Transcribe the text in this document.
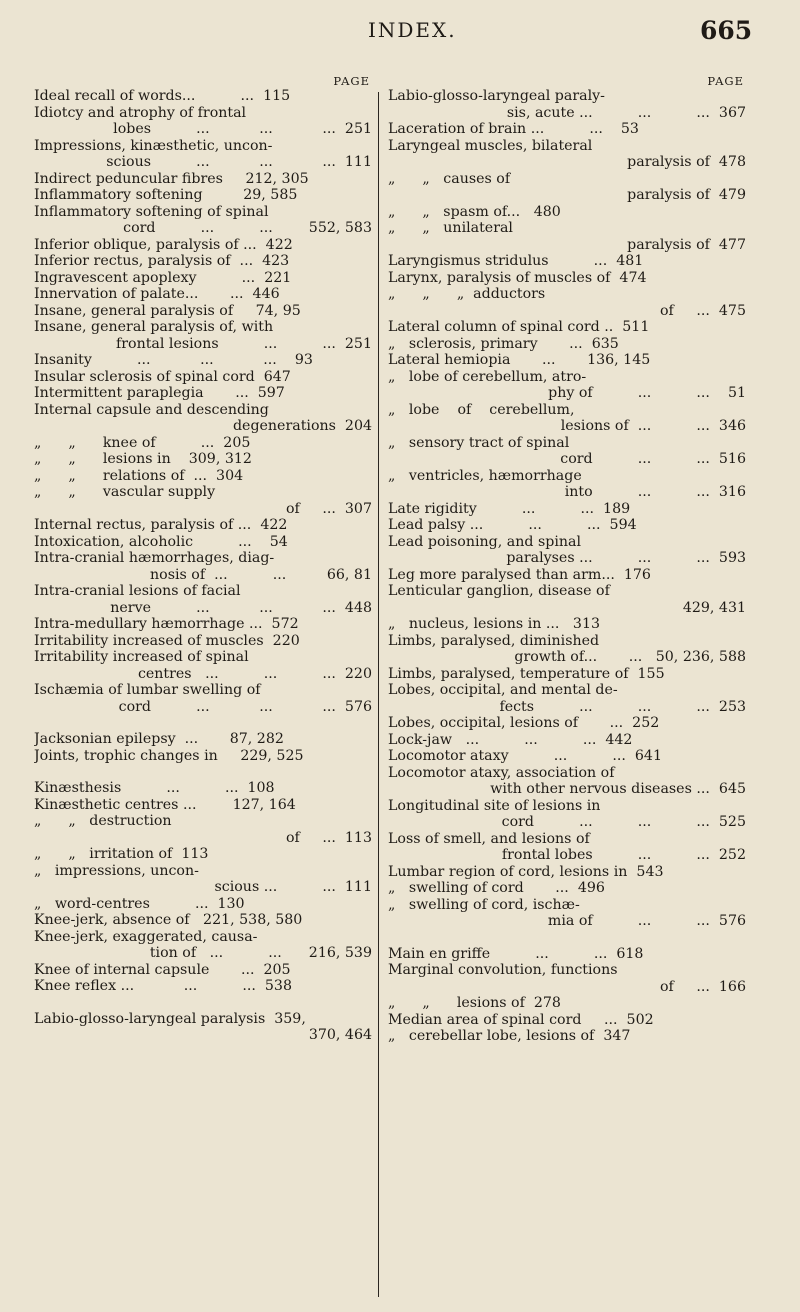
INDEX.	665
PAGE
Ideal recall of words...          ...  115
Idiotcy and atrophy of frontal
lobes          ...           ...           ...  251
Impressions, kinæsthetic, uncon-
scious          ...           ...           ...  111
Indirect peduncular fibres     212, 305
Inflammatory softening         29, 585
Inflammatory softening of spinal
cord          ...          ...        552, 583
Inferior oblique, paralysis of ...  422
Inferior rectus, paralysis of  ...  423
Ingravescent apoplexy          ...  221
Innervation of palate...       ...  446
Insane, general paralysis of     74, 95
Insane, general paralysis of, with
frontal lesions          ...          ...  251
Insanity          ...           ...           ...    93
Insular sclerosis of spinal cord  647
Intermittent paraplegia       ...  597
Internal capsule and descending
degenerations  204
„      „      knee of          ...  205
„      „      lesions in    309, 312
„      „      relations of  ...  304
„      „      vascular supply
of     ...  307
Internal rectus, paralysis of ...  422
Intoxication, alcoholic          ...    54
Intra-cranial hæmorrhages, diag-
nosis of  ...          ...         66, 81
Intra-cranial lesions of facial
nerve          ...           ...           ...  448
Intra-medullary hæmorrhage ...  572
Irritability increased of muscles  220
Irritability increased of spinal
centres   ...          ...          ...  220
Ischæmia of lumbar swelling of
cord          ...           ...           ...  576
Jacksonian epilepsy  ...       87, 282
Joints, trophic changes in     229, 525
Kinæsthesis          ...          ...  108
Kinæsthetic centres ...        127, 164
„      „   destruction
of     ...  113
„      „   irritation of  113
„   impressions, uncon-
scious ...          ...  111
„   word-centres          ...  130
Knee-jerk, absence of   221, 538, 580
Knee-jerk, exaggerated, causa-
tion of   ...          ...      216, 539
Knee of internal capsule       ...  205
Knee reflex ...           ...          ...  538
Labio-glosso-laryngeal paralysis  359,
370, 464
PAGE
Labio-glosso-laryngeal paraly-
sis, acute ...          ...          ...  367
Laceration of brain ...          ...    53
Laryngeal muscles, bilateral
paralysis of  478
„      „   causes of
paralysis of  479
„      „   spasm of...   480
„      „   unilateral
paralysis of  477
Laryngismus stridulus          ...  481
Larynx, paralysis of muscles of  474
„      „      „  adductors
of     ...  475
Lateral column of spinal cord ..  511
„   sclerosis, primary       ...  635
Lateral hemiopia       ...       136, 145
„   lobe of cerebellum, atro-
phy of          ...          ...    51
„   lobe    of    cerebellum,
lesions of  ...          ...  346
„   sensory tract of spinal
cord          ...          ...  516
„   ventricles, hæmorrhage
into          ...          ...  316
Late rigidity          ...          ...  189
Lead palsy ...          ...          ...  594
Lead poisoning, and spinal
paralyses ...          ...          ...  593
Leg more paralysed than arm...  176
Lenticular ganglion, disease of
429, 431
„   nucleus, lesions in ...   313
Limbs, paralysed, diminished
growth of...       ...   50, 236, 588
Limbs, paralysed, temperature of  155
Lobes, occipital, and mental de-
fects          ...          ...          ...  253
Lobes, occipital, lesions of       ...  252
Lock-jaw   ...          ...          ...  442
Locomotor ataxy          ...          ...  641
Locomotor ataxy, association of
with other nervous diseases ...  645
Longitudinal site of lesions in
cord          ...          ...          ...  525
Loss of smell, and lesions of
frontal lobes          ...          ...  252
Lumbar region of cord, lesions in  543
„   swelling of cord       ...  496
„   swelling of cord, ischæ-
mia of          ...          ...  576
Main en griffe          ...          ...  618
Marginal convolution, functions
of     ...  166
„      „      lesions of  278
Median area of spinal cord     ...  502
„   cerebellar lobe, lesions of  347
